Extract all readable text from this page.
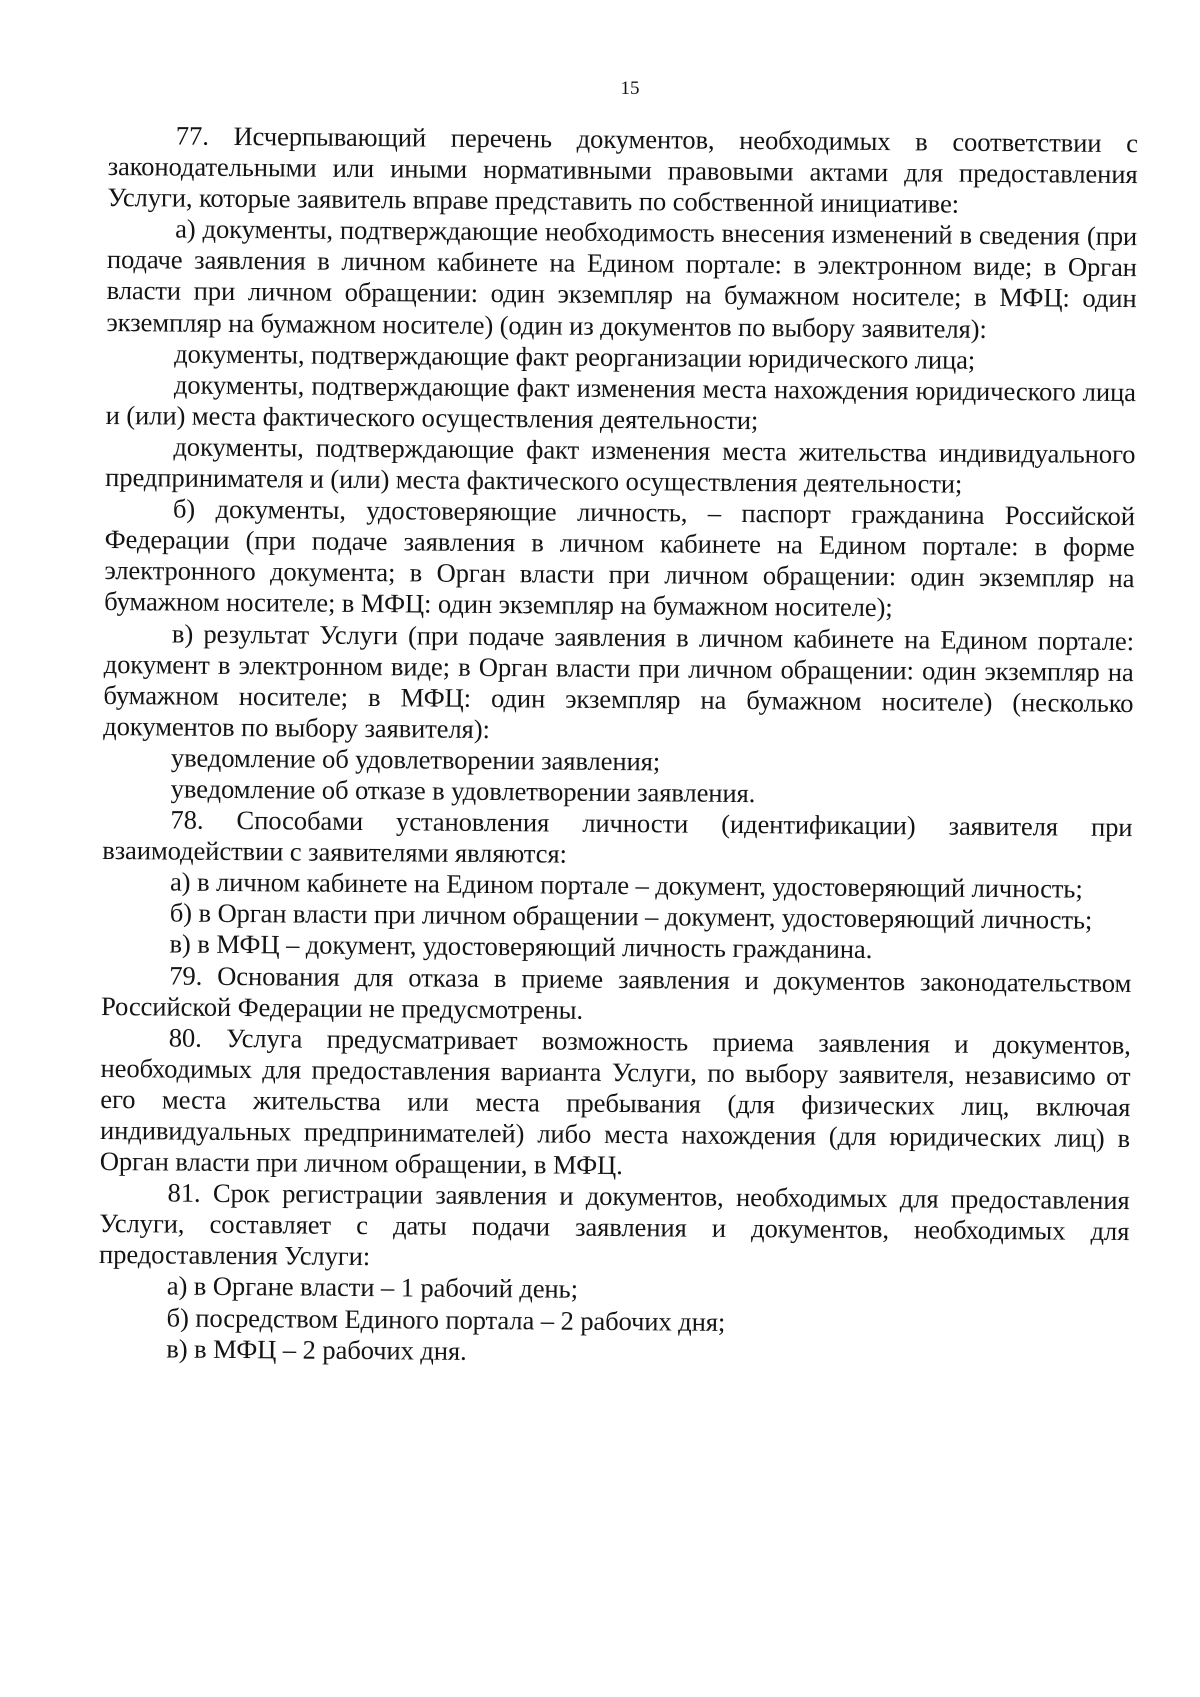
15

77. Исчерпывающий перечень документов, необходимых в соответствии с законодательными или иными нормативными правовыми актами для предоставления Услуги, которые заявитель вправе представить по собственной инициативе:

а) документы, подтверждающие необходимость внесения изменений в сведения (при подаче заявления в личном кабинете на Едином портале: в электронном виде; в Орган власти при личном обращении: один экземпляр на бумажном носителе; в МФЦ: один экземпляр на бумажном носителе) (один из документов по выбору заявителя):

документы, подтверждающие факт реорганизации юридического лица;

документы, подтверждающие факт изменения места нахождения юридического лица и (или) места фактического осуществления деятельности;

документы, подтверждающие факт изменения места жительства индивидуального предпринимателя и (или) места фактического осуществления деятельности;

б) документы, удостоверяющие личность, – паспорт гражданина Российской Федерации (при подаче заявления в личном кабинете на Едином портале: в форме электронного документа; в Орган власти при личном обращении: один экземпляр на бумажном носителе; в МФЦ: один экземпляр на бумажном носителе);

в) результат Услуги (при подаче заявления в личном кабинете на Едином портале: документ в электронном виде; в Орган власти при личном обращении: один экземпляр на бумажном носителе; в МФЦ: один экземпляр на бумажном носителе) (несколько документов по выбору заявителя):

уведомление об удовлетворении заявления;

уведомление об отказе в удовлетворении заявления.

78. Способами установления личности (идентификации) заявителя при взаимодействии с заявителями являются:

а) в личном кабинете на Едином портале – документ, удостоверяющий личность;

б) в Орган власти при личном обращении – документ, удостоверяющий личность;

в) в МФЦ – документ, удостоверяющий личность гражданина.

79. Основания для отказа в приеме заявления и документов законодательством Российской Федерации не предусмотрены.

80. Услуга предусматривает возможность приема заявления и документов, необходимых для предоставления варианта Услуги, по выбору заявителя, независимо от его места жительства или места пребывания (для физических лиц, включая индивидуальных предпринимателей) либо места нахождения (для юридических лиц) в Орган власти при личном обращении, в МФЦ.

81. Срок регистрации заявления и документов, необходимых для предоставления Услуги, составляет с даты подачи заявления и документов, необходимых для предоставления Услуги:

а) в Органе власти – 1 рабочий день;

б) посредством Единого портала – 2 рабочих дня;

в) в МФЦ – 2 рабочих дня.
